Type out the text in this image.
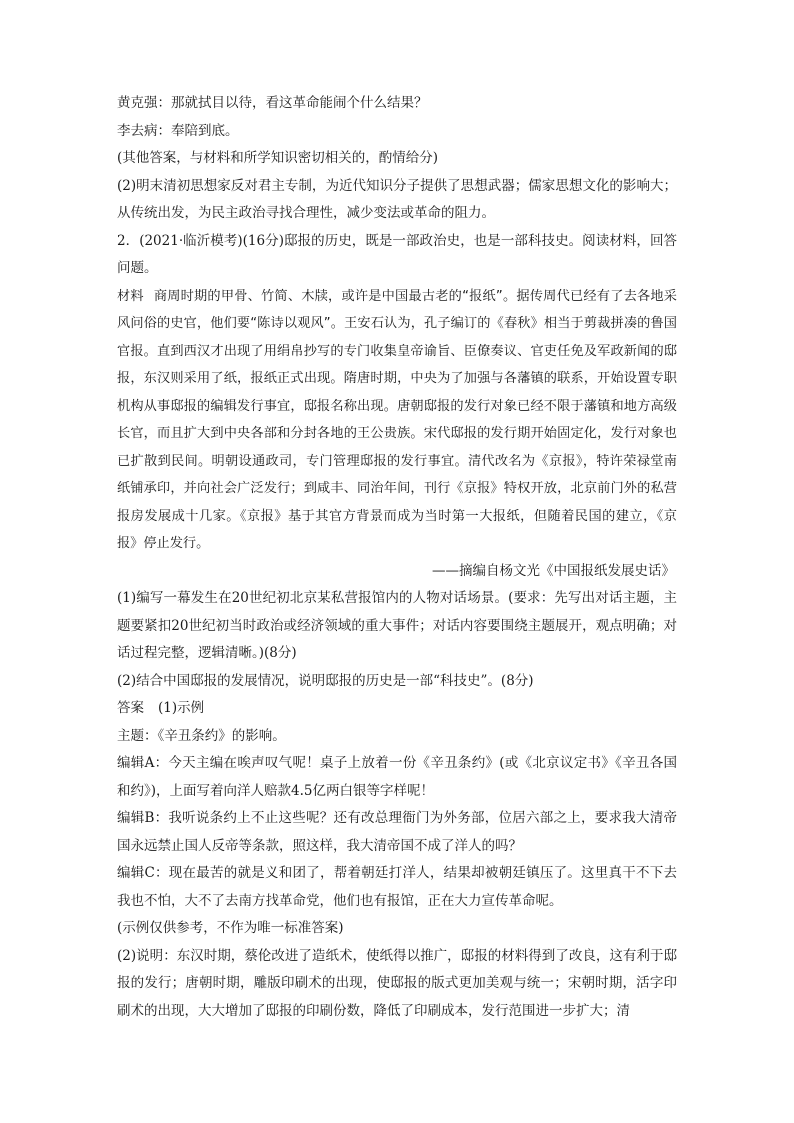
黄克强：那就拭目以待，看这革命能闹个什么结果？

李去病：奉陪到底。

(其他答案，与材料和所学知识密切相关的，酌情给分)

(2)明末清初思想家反对君主专制，为近代知识分子提供了思想武器；儒家思想文化的影响大；从传统出发，为民主政治寻找合理性，减少变法或革命的阻力。

2．(2021·临沂模考)(16分)邸报的历史，既是一部政治史，也是一部科技史。阅读材料，回答问题。

材料 商周时期的甲骨、竹简、木牍，或许是中国最古老的“报纸”。据传周代已经有了去各地采风问俗的史官，他们要“陈诗以观风”。王安石认为，孔子编订的《春秋》相当于剪裁拼凑的鲁国官报。直到西汉才出现了用绢帛抄写的专门收集皇帝谕旨、臣僚奏议、官吏任免及军政新闻的邸报，东汉则采用了纸，报纸正式出现。隋唐时期，中央为了加强与各藩镇的联系，开始设置专职机构从事邸报的编辑发行事宜，邸报名称出现。唐朝邸报的发行对象已经不限于藩镇和地方高级长官，而且扩大到中央各部和分封各地的王公贵族。宋代邸报的发行期开始固定化，发行对象也已扩散到民间。明朝设通政司，专门管理邸报的发行事宜。清代改名为《京报》，特许荣禄堂南纸铺承印，并向社会广泛发行；到咸丰、同治年间，刊行《京报》特权开放，北京前门外的私营报房发展成十几家。《京报》基于其官方背景而成为当时第一大报纸，但随着民国的建立，《京报》停止发行。

——摘编自杨文光《中国报纸发展史话》

(1)编写一幕发生在20世纪初北京某私营报馆内的人物对话场景。(要求：先写出对话主题，主题要紧扣20世纪初当时政治或经济领域的重大事件；对话内容要围绕主题展开，观点明确；对话过程完整，逻辑清晰。)(8分)

(2)结合中国邸报的发展情况，说明邸报的历史是一部“科技史”。(8分)

答案 (1)示例

主题：《辛丑条约》的影响。

编辑A：今天主编在唉声叹气呢！桌子上放着一份《辛丑条约》(或《北京议定书》《辛丑各国和约》)，上面写着向洋人赔款4.5亿两白银等字样呢！

编辑B：我听说条约上不止这些呢？还有改总理衙门为外务部，位居六部之上，要求我大清帝国永远禁止国人反帝等条款，照这样，我大清帝国不成了洋人的吗？

编辑C：现在最苦的就是义和团了，帮着朝廷打洋人，结果却被朝廷镇压了。这里真干不下去我也不怕，大不了去南方找革命党，他们也有报馆，正在大力宣传革命呢。

(示例仅供参考，不作为唯一标准答案)

(2)说明：东汉时期，蔡伦改进了造纸术，使纸得以推广，邸报的材料得到了改良，这有利于邸报的发行；唐朝时期，雕版印刷术的出现，使邸报的版式更加美观与统一；宋朝时期，活字印刷术的出现，大大增加了邸报的印刷份数，降低了印刷成本，发行范围进一步扩大；清
